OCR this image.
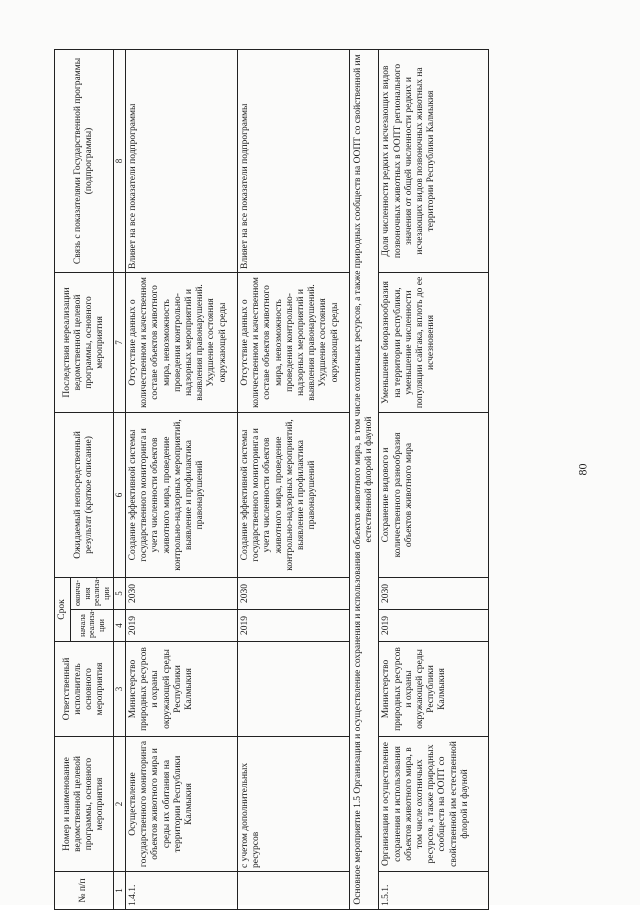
№ п/п	Номер и наименование ведомственной целевой программы, основного мероприятия	Ответственный исполнитель основного мероприятия	Срок		Ожидаемый непосредственный результат (краткое описание)	Последствия нереализации ведомственной целевой программы, основного мероприятия	Связь с показателями Государственной программы (подпрограммы)
			начала реализа-ции	оконча-ния реализа-ции			
1	2	3	4	5	6	7	8
1.4.1.	Осуществление государственного мониторинга объектов животного мира и среды их обитания на территории Республики Калмыкия	Министерство природных ресурсов и охраны окружающей среды Республики Калмыкия	2019	2030	Создание эффективной системы государственного мониторинга и учета численности объектов животного мира, проведение контрольно-надзорных мероприятий, выявление и профилактика правонарушений	Отсутствие данных о количественном и качественном составе объектов животного мира, невозможность проведения контрольно-надзорных мероприятий и выявления правонарушений. Ухудшение состояния окружающей среды	Влияет на все показатели подпрограммы
	с учетом дополнительных ресурсов		2019	2030	Создание эффективной системы государственного мониторинга и учета численности объектов животного мира, проведение контрольно-надзорных мероприятий, выявление и профилактика правонарушений	Отсутствие данных о количественном и качественном составе объектов животного мира, невозможность проведения контрольно-надзорных мероприятий и выявления правонарушений. Ухудшение состояния окружающей среды	Влияет на все показатели подпрограммы
Основное мероприятие 1.5 Организация и осуществление сохранения и использования объектов животного мира, в том числе охотничьих ресурсов, а также природных сообществ на ООПТ со свойственной им естественной флорой и фауной							
1.5.1.	Организация и осуществление сохранения и использования объектов животного мира, в том числе охотничьих ресурсов, а также природных сообществ на ООПТ со свойственной им естественной флорой и фауной	Министерство природных ресурсов и охраны окружающей среды Республики Калмыкия	2019	2030	Сохранение видового и количественного разнообразия объектов животного мира	Уменьшение биоразнообразия на территории республики, уменьшение численности популяции сайгака, вплоть до ее исчезновения	Доля численности редких и исчезающих видов позвоночных животных в ООПТ регионального значения от общей численности редких и исчезающих видов позвоночных животных на территории Республики Калмыкия
80
